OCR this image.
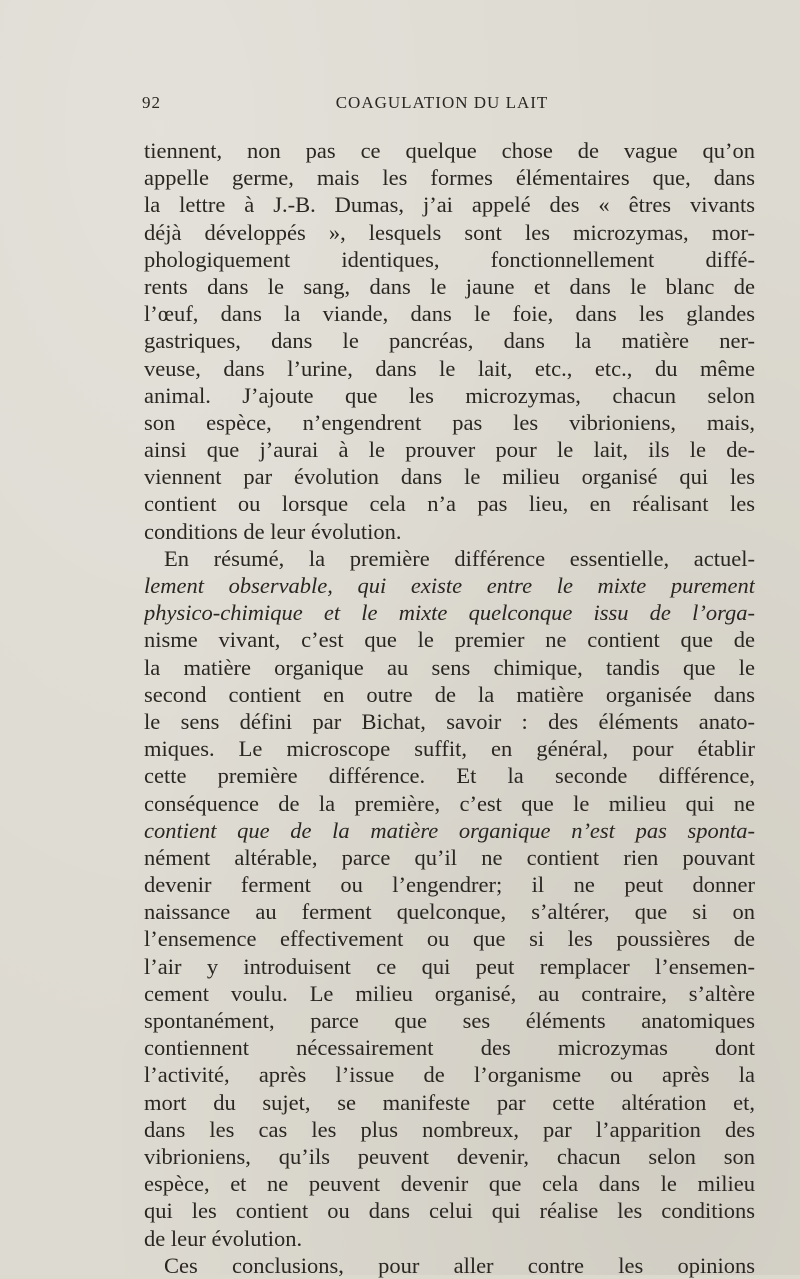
92	COAGULATION DU LAIT
tiennent, non pas ce quelque chose de vague qu’on
appelle germe, mais les formes élémentaires que, dans
la lettre à J.-B. Dumas, j’ai appelé des « êtres vivants
déjà développés », lesquels sont les microzymas, mor-
phologiquement identiques, fonctionnellement diffé-
rents dans le sang, dans le jaune et dans le blanc de
l’œuf, dans la viande, dans le foie, dans les glandes
gastriques, dans le pancréas, dans la matière ner-
veuse, dans l’urine, dans le lait, etc., etc., du même
animal. J’ajoute que les microzymas, chacun selon
son espèce, n’engendrent pas les vibrioniens, mais,
ainsi que j’aurai à le prouver pour le lait, ils le de-
viennent par évolution dans le milieu organisé qui les
contient ou lorsque cela n’a pas lieu, en réalisant les
conditions de leur évolution.
En résumé, la première différence essentielle, actuel-
lement observable, qui existe entre le mixte purement
physico-chimique et le mixte quelconque issu de l’orga-
nisme vivant, c’est que le premier ne contient que de
la matière organique au sens chimique, tandis que le
second contient en outre de la matière organisée dans
le sens défini par Bichat, savoir : des éléments anato-
miques. Le microscope suffit, en général, pour établir
cette première différence. Et la seconde différence,
conséquence de la première, c’est que le milieu qui ne
contient que de la matière organique n’est pas sponta-
nément altérable, parce qu’il ne contient rien pouvant
devenir ferment ou l’engendrer; il ne peut donner
naissance au ferment quelconque, s’altérer, que si on
l’ensemence effectivement ou que si les poussières de
l’air y introduisent ce qui peut remplacer l’ensemen-
cement voulu. Le milieu organisé, au contraire, s’altère
spontanément, parce que ses éléments anatomiques
contiennent nécessairement des microzymas dont
l’activité, après l’issue de l’organisme ou après la
mort du sujet, se manifeste par cette altération et,
dans les cas les plus nombreux, par l’apparition des
vibrioniens, qu’ils peuvent devenir, chacun selon son
espèce, et ne peuvent devenir que cela dans le milieu
qui les contient ou dans celui qui réalise les conditions
de leur évolution.
Ces conclusions, pour aller contre les opinions
